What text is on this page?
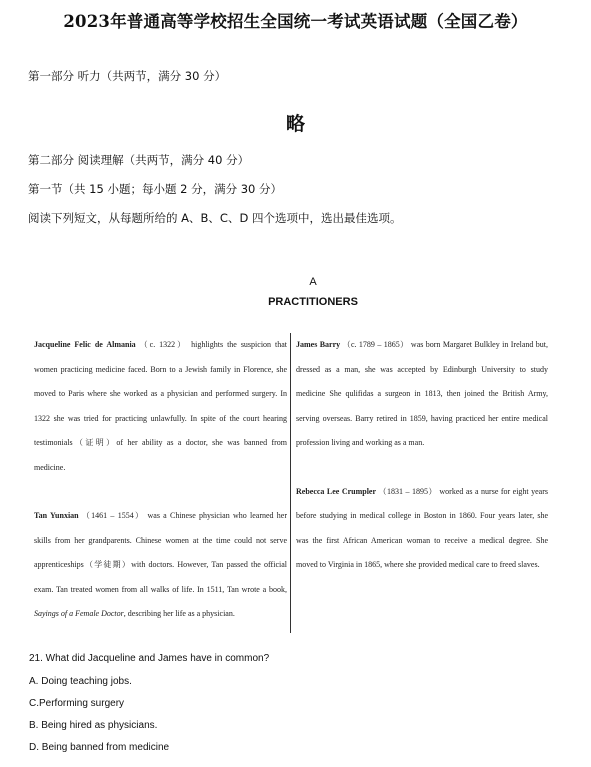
2023年普通高等学校招生全国统一考试英语试题（全国乙卷）
第一部分 听力（共两节，满分 30 分）
略
第二部分 阅读理解（共两节，满分 40 分）
第一节（共 15 小题；每小题 2 分，满分 30 分）
阅读下列短文，从每题所给的 A、B、C、D 四个选项中，选出最佳选项。
A
PRACTITIONERS

Jacqueline Felic de Almania （c. 1322） highlights the suspicion that women practicing medicine faced. Born to a Jewish family in Florence, she moved to Paris where she worked as a physician and performed surgery. In 1322 she was tried for practicing unlawfully. In spite of the court hearing testimonials（证明）of her ability as a doctor, she was banned from medicine.

Tan Yunxian （1461 – 1554） was a Chinese physician who learned her skills from her grandparents. Chinese women at the time could not serve apprenticeships（学徒期）with doctors. However, Tan passed the official exam. Tan treated women from all walks of life. In 1511, Tan wrote a book, Sayings of a Female Doctor, describing her life as a physician.

James Barry （c. 1789 – 1865） was born Margaret Bulkley in Ireland but, dressed as a man, she was accepted by Edinburgh University to study medicine She qulifidas a surgeon in 1813, then joined the British Army, serving overseas. Barry retired in 1859, having practiced her entire medical profession living and working as a man.

Rebecca Lee Crumpler （1831 – 1895） worked as a nurse for eight years before studying in medical college in Boston in 1860. Four years later, she was the first African American woman to receive a medical degree. She moved to Virginia in 1865, where she provided medical care to freed slaves.

21. What did Jacqueline and James have in common?
A. Doing teaching jobs.
C.Performing surgery
B. Being hired as physicians.
D. Being banned from medicine
